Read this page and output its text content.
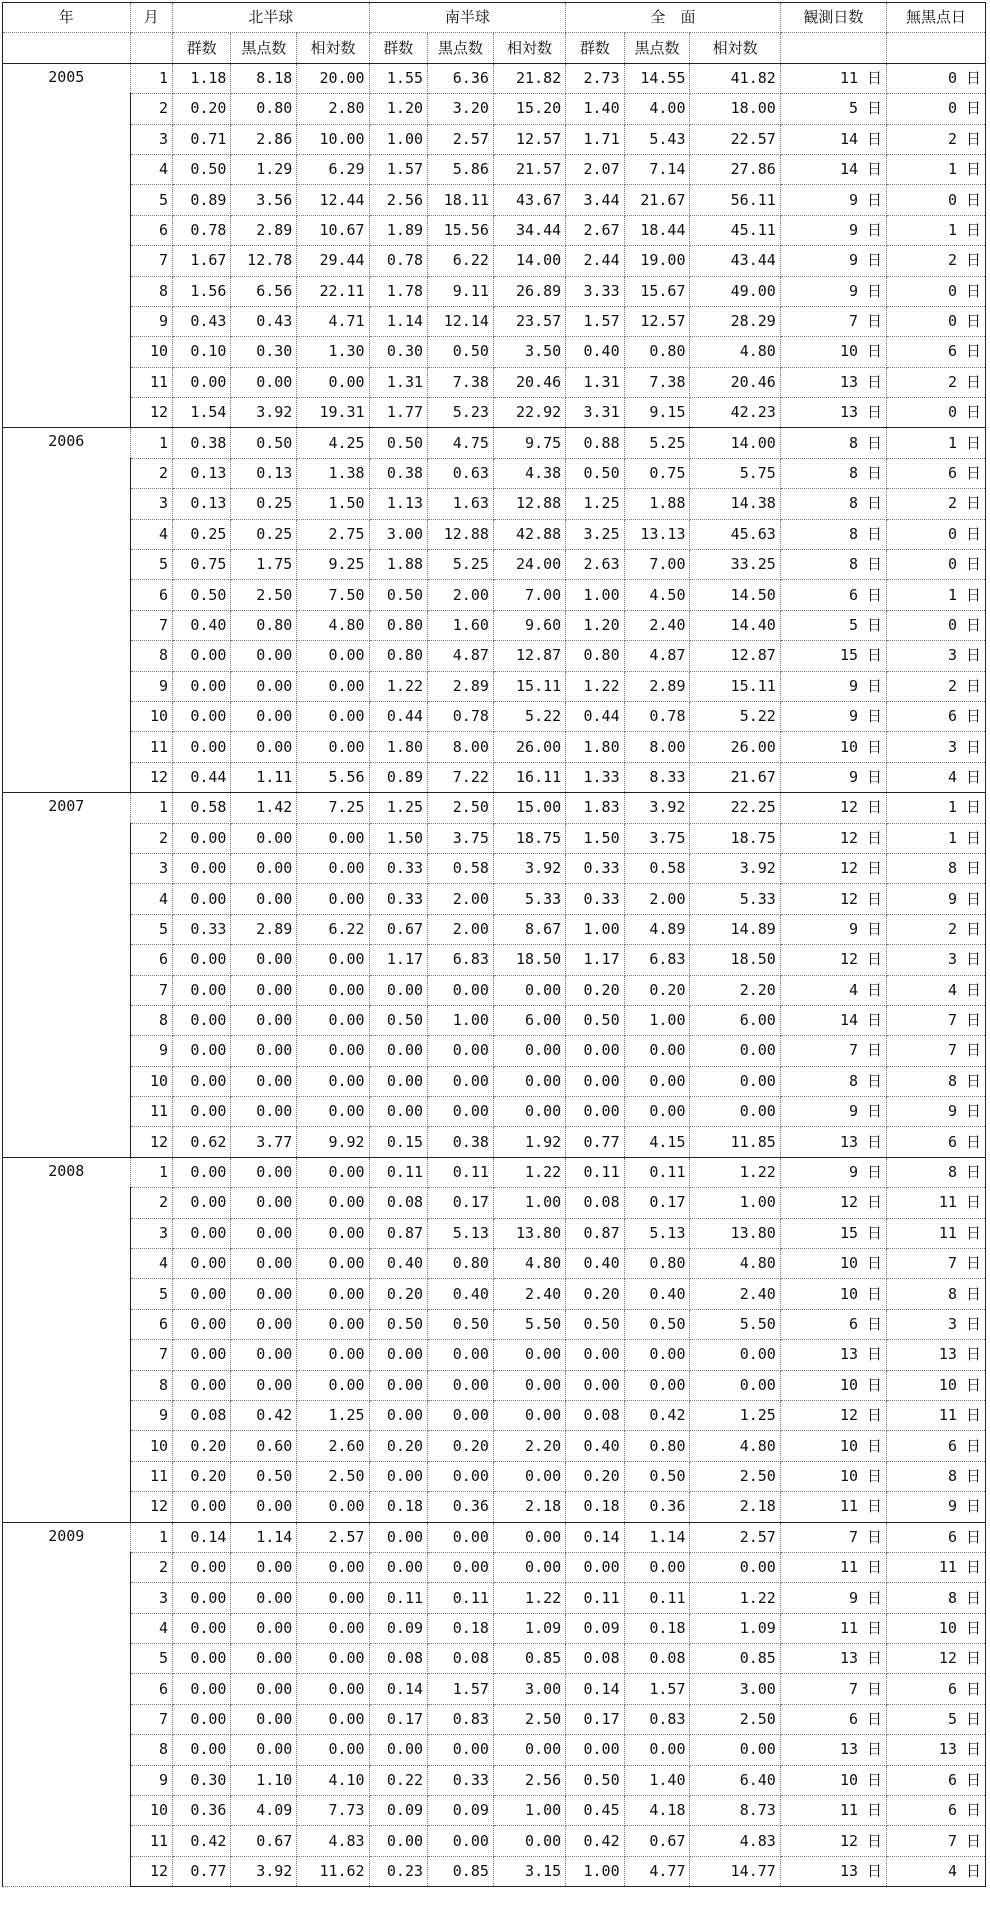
年	月	北半球			南半球			全　面			観測日数	無黒点日
		群数	黒点数	相対数	群数	黒点数	相対数	群数	黒点数	相対数		
2005	1	1.18	8.18	20.00	1.55	6.36	21.82	2.73	14.55	41.82	11 日	0 日
	2	0.20	0.80	2.80	1.20	3.20	15.20	1.40	4.00	18.00	5 日	0 日
	3	0.71	2.86	10.00	1.00	2.57	12.57	1.71	5.43	22.57	14 日	2 日
	4	0.50	1.29	6.29	1.57	5.86	21.57	2.07	7.14	27.86	14 日	1 日
	5	0.89	3.56	12.44	2.56	18.11	43.67	3.44	21.67	56.11	9 日	0 日
	6	0.78	2.89	10.67	1.89	15.56	34.44	2.67	18.44	45.11	9 日	1 日
	7	1.67	12.78	29.44	0.78	6.22	14.00	2.44	19.00	43.44	9 日	2 日
	8	1.56	6.56	22.11	1.78	9.11	26.89	3.33	15.67	49.00	9 日	0 日
	9	0.43	0.43	4.71	1.14	12.14	23.57	1.57	12.57	28.29	7 日	0 日
	10	0.10	0.30	1.30	0.30	0.50	3.50	0.40	0.80	4.80	10 日	6 日
	11	0.00	0.00	0.00	1.31	7.38	20.46	1.31	7.38	20.46	13 日	2 日
	12	1.54	3.92	19.31	1.77	5.23	22.92	3.31	9.15	42.23	13 日	0 日
2006	1	0.38	0.50	4.25	0.50	4.75	9.75	0.88	5.25	14.00	8 日	1 日
	2	0.13	0.13	1.38	0.38	0.63	4.38	0.50	0.75	5.75	8 日	6 日
	3	0.13	0.25	1.50	1.13	1.63	12.88	1.25	1.88	14.38	8 日	2 日
	4	0.25	0.25	2.75	3.00	12.88	42.88	3.25	13.13	45.63	8 日	0 日
	5	0.75	1.75	9.25	1.88	5.25	24.00	2.63	7.00	33.25	8 日	0 日
	6	0.50	2.50	7.50	0.50	2.00	7.00	1.00	4.50	14.50	6 日	1 日
	7	0.40	0.80	4.80	0.80	1.60	9.60	1.20	2.40	14.40	5 日	0 日
	8	0.00	0.00	0.00	0.80	4.87	12.87	0.80	4.87	12.87	15 日	3 日
	9	0.00	0.00	0.00	1.22	2.89	15.11	1.22	2.89	15.11	9 日	2 日
	10	0.00	0.00	0.00	0.44	0.78	5.22	0.44	0.78	5.22	9 日	6 日
	11	0.00	0.00	0.00	1.80	8.00	26.00	1.80	8.00	26.00	10 日	3 日
	12	0.44	1.11	5.56	0.89	7.22	16.11	1.33	8.33	21.67	9 日	4 日
2007	1	0.58	1.42	7.25	1.25	2.50	15.00	1.83	3.92	22.25	12 日	1 日
	2	0.00	0.00	0.00	1.50	3.75	18.75	1.50	3.75	18.75	12 日	1 日
	3	0.00	0.00	0.00	0.33	0.58	3.92	0.33	0.58	3.92	12 日	8 日
	4	0.00	0.00	0.00	0.33	2.00	5.33	0.33	2.00	5.33	12 日	9 日
	5	0.33	2.89	6.22	0.67	2.00	8.67	1.00	4.89	14.89	9 日	2 日
	6	0.00	0.00	0.00	1.17	6.83	18.50	1.17	6.83	18.50	12 日	3 日
	7	0.00	0.00	0.00	0.00	0.00	0.00	0.20	0.20	2.20	4 日	4 日
	8	0.00	0.00	0.00	0.50	1.00	6.00	0.50	1.00	6.00	14 日	7 日
	9	0.00	0.00	0.00	0.00	0.00	0.00	0.00	0.00	0.00	7 日	7 日
	10	0.00	0.00	0.00	0.00	0.00	0.00	0.00	0.00	0.00	8 日	8 日
	11	0.00	0.00	0.00	0.00	0.00	0.00	0.00	0.00	0.00	9 日	9 日
	12	0.62	3.77	9.92	0.15	0.38	1.92	0.77	4.15	11.85	13 日	6 日
2008	1	0.00	0.00	0.00	0.11	0.11	1.22	0.11	0.11	1.22	9 日	8 日
	2	0.00	0.00	0.00	0.08	0.17	1.00	0.08	0.17	1.00	12 日	11 日
	3	0.00	0.00	0.00	0.87	5.13	13.80	0.87	5.13	13.80	15 日	11 日
	4	0.00	0.00	0.00	0.40	0.80	4.80	0.40	0.80	4.80	10 日	7 日
	5	0.00	0.00	0.00	0.20	0.40	2.40	0.20	0.40	2.40	10 日	8 日
	6	0.00	0.00	0.00	0.50	0.50	5.50	0.50	0.50	5.50	6 日	3 日
	7	0.00	0.00	0.00	0.00	0.00	0.00	0.00	0.00	0.00	13 日	13 日
	8	0.00	0.00	0.00	0.00	0.00	0.00	0.00	0.00	0.00	10 日	10 日
	9	0.08	0.42	1.25	0.00	0.00	0.00	0.08	0.42	1.25	12 日	11 日
	10	0.20	0.60	2.60	0.20	0.20	2.20	0.40	0.80	4.80	10 日	6 日
	11	0.20	0.50	2.50	0.00	0.00	0.00	0.20	0.50	2.50	10 日	8 日
	12	0.00	0.00	0.00	0.18	0.36	2.18	0.18	0.36	2.18	11 日	9 日
2009	1	0.14	1.14	2.57	0.00	0.00	0.00	0.14	1.14	2.57	7 日	6 日
	2	0.00	0.00	0.00	0.00	0.00	0.00	0.00	0.00	0.00	11 日	11 日
	3	0.00	0.00	0.00	0.11	0.11	1.22	0.11	0.11	1.22	9 日	8 日
	4	0.00	0.00	0.00	0.09	0.18	1.09	0.09	0.18	1.09	11 日	10 日
	5	0.00	0.00	0.00	0.08	0.08	0.85	0.08	0.08	0.85	13 日	12 日
	6	0.00	0.00	0.00	0.14	1.57	3.00	0.14	1.57	3.00	7 日	6 日
	7	0.00	0.00	0.00	0.17	0.83	2.50	0.17	0.83	2.50	6 日	5 日
	8	0.00	0.00	0.00	0.00	0.00	0.00	0.00	0.00	0.00	13 日	13 日
	9	0.30	1.10	4.10	0.22	0.33	2.56	0.50	1.40	6.40	10 日	6 日
	10	0.36	4.09	7.73	0.09	0.09	1.00	0.45	4.18	8.73	11 日	6 日
	11	0.42	0.67	4.83	0.00	0.00	0.00	0.42	0.67	4.83	12 日	7 日
	12	0.77	3.92	11.62	0.23	0.85	3.15	1.00	4.77	14.77	13 日	4 日
